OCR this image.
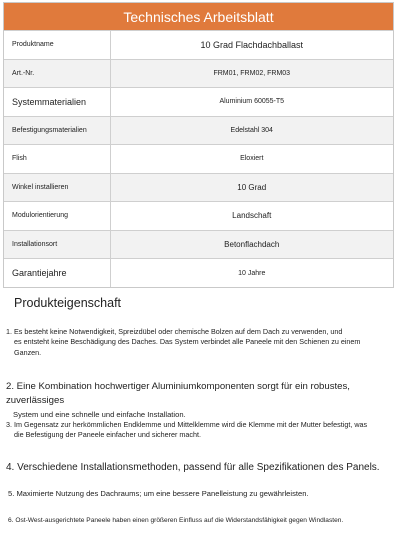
Technisches Arbeitsblatt
Produktname	10 Grad Flachdachballast
Art.-Nr.	FRM01, FRM02, FRM03
Systemmaterialien	Aluminium 60055-T5
Befestigungsmaterialien	Edelstahl 304
Flish	Eloxiert
Winkel installieren	10 Grad
Modulorientierung	Landschaft
Installationsort	Betonflachdach
Garantiejahre	10 Jahre
Produkteigenschaft
1. Es besteht keine Notwendigkeit, Spreizdübel oder chemische Bolzen auf dem Dach zu verwenden, und
es entsteht keine Beschädigung des Daches. Das System verbindet alle Paneele mit den Schienen zu einem
Ganzen.
2. Eine Kombination hochwertiger Aluminiumkomponenten sorgt für ein robustes, zuverlässiges
System und eine schnelle und einfache Installation.
3. Im Gegensatz zur herkömmlichen Endklemme und Mittelklemme wird die Klemme mit der Mutter befestigt, was
die Befestigung der Paneele einfacher und sicherer macht.
4. Verschiedene Installationsmethoden, passend für alle Spezifikationen des Panels.
5. Maximierte Nutzung des Dachraums; um eine bessere Panelleistung zu gewährleisten.
6. Ost-West-ausgerichtete Paneele haben einen größeren Einfluss auf die Widerstandsfähigkeit gegen Windlasten.
